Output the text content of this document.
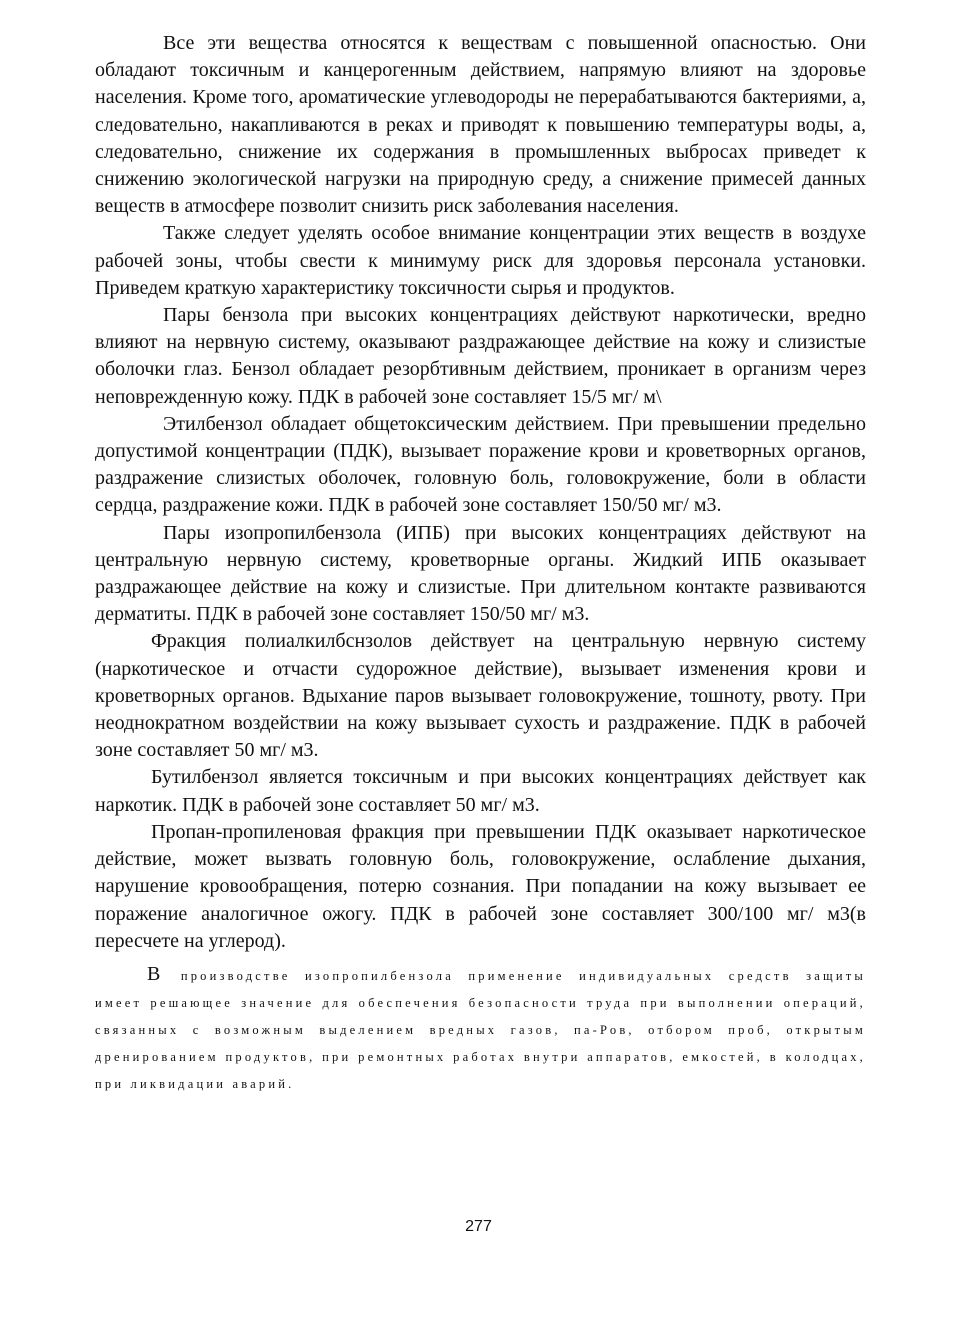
Все эти вещества относятся к веществам с повышенной опасностью. Они обладают токсичным и канцерогенным действием, напрямую влияют на здоровье населения. Кроме того, ароматические углеводороды не перерабатываются бактериями, а, следовательно, накапливаются в реках и приводят к повышению температуры воды, а, следовательно, снижение их содержания в промышленных выбросах приведет к снижению экологической нагрузки на природную среду, а снижение примесей данных веществ в атмосфере позволит снизить риск заболевания населения.

Также следует уделять особое внимание концентрации этих веществ в воздухе рабочей зоны, чтобы свести к минимуму риск для здоровья персонала установки. Приведем краткую характеристику токсичности сырья и продуктов.

Пары бензола при высоких концентрациях действуют наркотически, вредно влияют на нервную систему, оказывают раздражающее действие на кожу и слизистые оболочки глаз. Бензол обладает резорбтивным действием, проникает в организм через неповрежденную кожу. ПДК в рабочей зоне составляет 15/5 мг/ м\

Этилбензол обладает общетоксическим действием. При превышении предельно допустимой концентрации (ПДК), вызывает поражение крови и кроветворных органов, раздражение слизистых оболочек, головную боль, головокружение, боли в области сердца, раздражение кожи. ПДК в рабочей зоне составляет 150/50 мг/ м3.

Пары изопропилбензола (ИПБ) при высоких концентрациях действуют на центральную нервную систему, кроветворные органы. Жидкий ИПБ оказывает раздражающее действие на кожу и слизистые. При длительном контакте развиваются дерматиты. ПДК в рабочей зоне составляет 150/50 мг/ м3.

Фракция полиалкилбснзолов действует на центральную нервную систему (наркотическое и отчасти судорожное действие), вызывает изменения крови и кроветворных органов. Вдыхание паров вызывает головокружение, тошноту, рвоту. При неоднократном воздействии на кожу вызывает сухость и раздражение. ПДК в рабочей зоне составляет 50 мг/ м3.

Бутилбензол является токсичным и при высоких концентрациях действует как наркотик. ПДК в рабочей зоне составляет 50 мг/ м3.

Пропан-пропиленовая фракция при превышении ПДК оказывает наркотическое действие, может вызвать головную боль, головокружение, ослабление дыхания, нарушение кровообращения, потерю сознания. При попадании на кожу вызывает ее поражение аналогичное ожогу. ПДК в рабочей зоне составляет 300/100 мг/ м3(в пересчете на углерод).

В производстве изопропилбензола применение индивидуальных средств защиты имеет решающее значение для обеспечения безопасности труда при выполнении операций, связанных с возможным выделением вредных газов, па-Ров, отбором проб, открытым дренированием продуктов, при ремонтных работах внутри аппаратов, емкостей, в колодцах, при ликвидации аварий.

277
